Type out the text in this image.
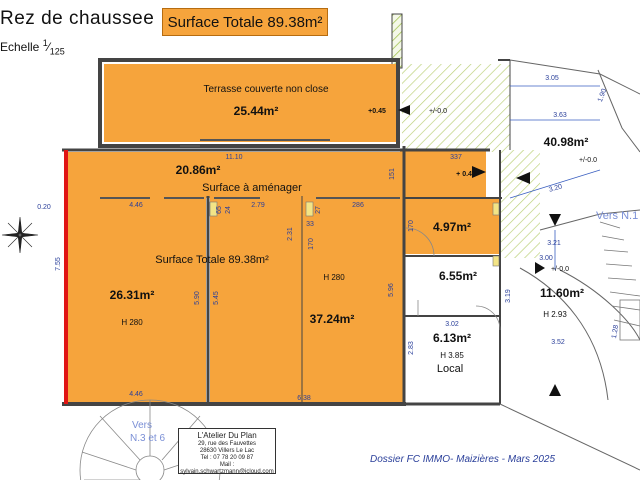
Terrasse couverte non close
25.44m²
20.86m²
Surface à aménager
Surface Totale 89.38m²
26.31m²
H 280
H 280
37.24m²
40.98m²
4.97m²
6.55m²
11.60m²
H 2.93
6.13m²
H 3.85
Local
+0.45	+/-0.0
+ 0.47
+/-0.0
+/-0.0
11.10	337
4.46
0.20	2.79	286
65 24
33
27
151
170
170
2.31
7.55
5.90 5.45
5.96
4.46
6.38
3.02
3.19
2.83
3.05
3.63
3.20
3.21
3.00
3.52
1.90
1.28
Vers N.1
Vers
N.3 et 6
Rez de chaussee Surface Totale 89.38m²
Echelle $^1⁄_{125}$
L'Atelier Du Plan
29, rue des Fauvettes
28630 Villers Le Lac
Tel : 07 78 20 09 87
Mail : sylvain.schwartzmann@icloud.com
Dossier FC IMMO- Maizières - Mars 2025
